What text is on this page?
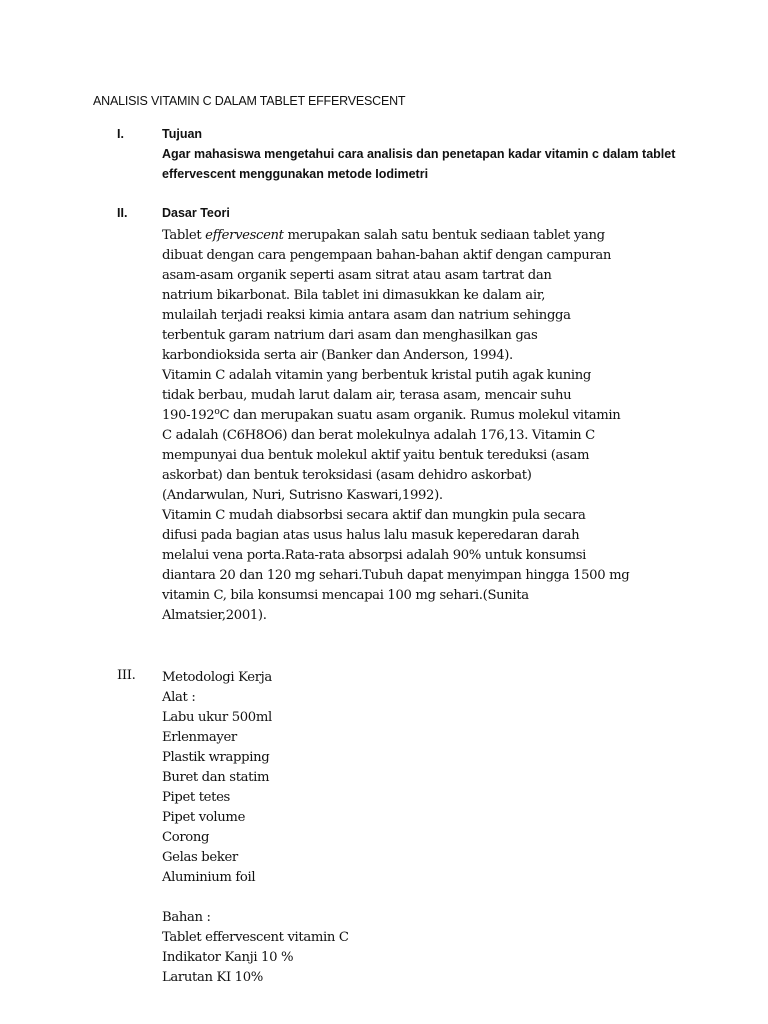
ANALISIS VITAMIN C DALAM TABLET EFFERVESCENT
I.	Tujuan
Agar mahasiswa mengetahui cara analisis dan penetapan kadar vitamin c dalam tablet
effervescent menggunakan metode Iodimetri
II.	Dasar Teori
Tablet effervescent merupakan salah satu bentuk sediaan tablet yang
dibuat dengan cara pengempaan bahan-bahan aktif dengan campuran
asam-asam organik seperti asam sitrat atau asam tartrat dan
natrium bikarbonat. Bila tablet ini dimasukkan ke dalam air,
mulailah terjadi reaksi kimia antara asam dan natrium sehingga
terbentuk garam natrium dari asam dan menghasilkan gas
karbondioksida serta air (Banker dan Anderson, 1994).
Vitamin C adalah vitamin yang berbentuk kristal putih agak kuning
tidak berbau, mudah larut dalam air, terasa asam, mencair suhu
190-192$^o$C dan merupakan suatu asam organik. Rumus molekul vitamin
C adalah (C6H8O6) dan berat molekulnya adalah 176,13. Vitamin C
mempunyai dua bentuk molekul aktif yaitu bentuk tereduksi (asam
askorbat) dan bentuk teroksidasi (asam dehidro askorbat)
(Andarwulan, Nuri, Sutrisno Kaswari,1992).
Vitamin C mudah diabsorbsi secara aktif dan mungkin pula secara
difusi pada bagian atas usus halus lalu masuk keperedaran darah
melalui vena porta.Rata-rata absorpsi adalah 90% untuk konsumsi
diantara 20 dan 120 mg sehari.Tubuh dapat menyimpan hingga 1500 mg
vitamin C, bila konsumsi mencapai 100 mg sehari.(Sunita
Almatsier,2001).
III. Metodologi Kerja
Alat :
Labu ukur 500ml
Erlenmayer
Plastik wrapping
Buret dan statim
Pipet tetes
Pipet volume
Corong
Gelas beker
Aluminium foil
Bahan :
Tablet effervescent vitamin C
Indikator Kanji 10 %
Larutan KI 10%
